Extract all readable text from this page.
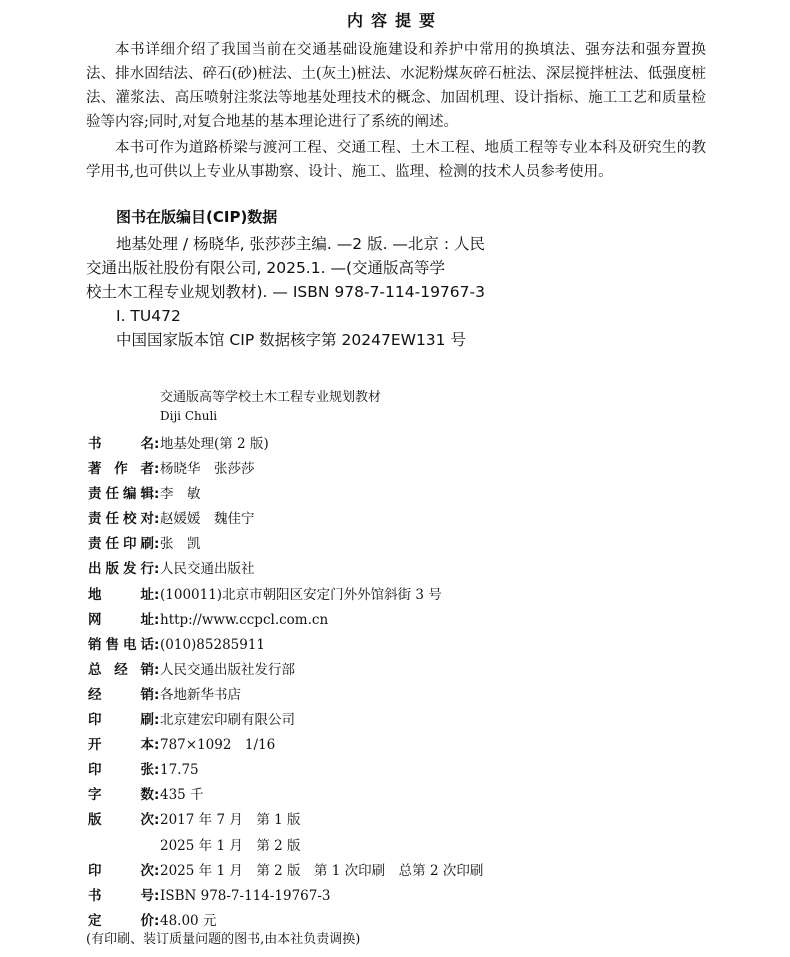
内容提要

本书详细介绍了我国当前在交通基础设施建设和养护中常用的换填法、强夯法和强夯置换法、排水固结法、碎石(砂)桩法、土(灰土)桩法、水泥粉煤灰碎石桩法、深层搅拌桩法、低强度桩法、灌浆法、高压喷射注浆法等地基处理技术的概念、加固机理、设计指标、施工工艺和质量检验等内容;同时,对复合地基的基本理论进行了系统的阐述。

本书可作为道路桥梁与渡河工程、交通工程、土木工程、地质工程等专业本科及研究生的教学用书,也可供以上专业从事勘察、设计、施工、监理、检测的技术人员参考使用。

图书在版编目(CIP)数据
地基处理 / 杨晓华, 张莎莎主编. —2 版. —北京 : 人民
交通出版社股份有限公司, 2025.1. —(交通版高等学
校土木工程专业规划教材). — ISBN 978-7-114-19767-3
Ⅰ. TU472
中国国家版本馆 CIP 数据核字第 20247EW131 号
交通版高等学校土木工程专业规划教材
Diji Chuli
书	名 : 地基处理(第 2 版)
著 作 者 : 杨晓华　张莎莎
责 任 编 辑 : 李　敏
责 任 校 对 : 赵媛媛　魏佳宁
责 任 印 刷 : 张　凯
出 版 发 行 : 人民交通出版社
地	址 : (100011)北京市朝阳区安定门外外馆斜街 3 号
网	址 : http://www.ccpcl.com.cn
销 售 电 话 : (010)85285911
总 经 销 : 人民交通出版社发行部
经	销 : 各地新华书店
印	刷 : 北京建宏印刷有限公司
开	本 : 787×1092　1/16
印	张 : 17.75
字	数 : 435 千
版	次 : 2017 年 7 月　第 1 版
2025 年 1 月　第 2 版
印	次 : 2025 年 1 月　第 2 版　第 1 次印刷　总第 2 次印刷
书	号 : ISBN 978-7-114-19767-3
定	价 : 48.00 元
(有印刷、装订质量问题的图书,由本社负责调换)
